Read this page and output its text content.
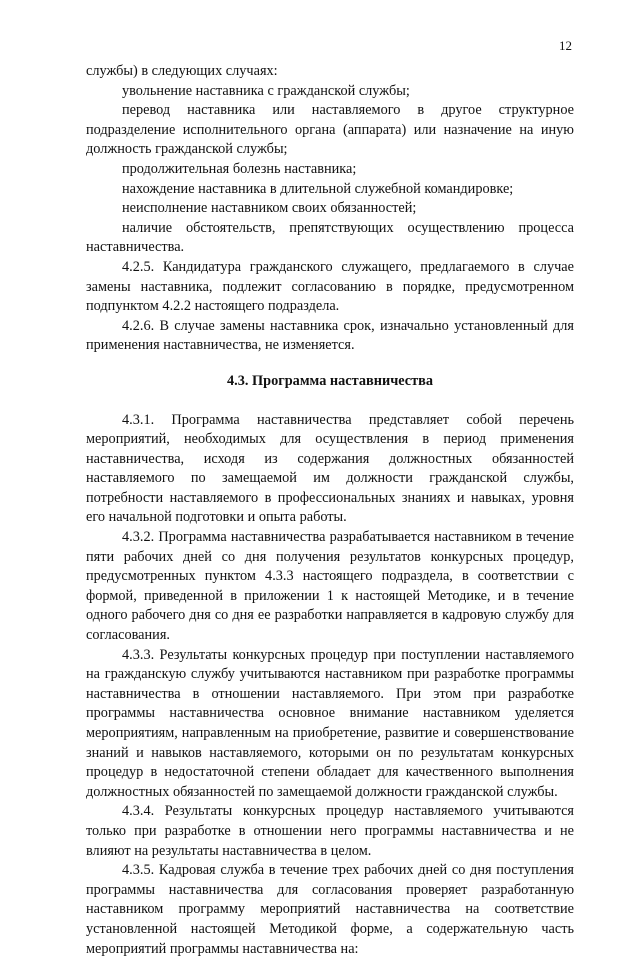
12

службы) в следующих случаях:

увольнение наставника с гражданской службы;

перевод наставника или наставляемого в другое структурное подразделение исполнительного органа (аппарата) или назначение на иную должность гражданской службы;

продолжительная болезнь наставника;

нахождение наставника в длительной служебной командировке;

неисполнение наставником своих обязанностей;

наличие обстоятельств, препятствующих осуществлению процесса наставничества.

4.2.5. Кандидатура гражданского служащего, предлагаемого в случае замены наставника, подлежит согласованию в порядке, предусмотренном подпунктом 4.2.2 настоящего подраздела.

4.2.6. В случае замены наставника срок, изначально установленный для применения наставничества, не изменяется.

4.3. Программа наставничества

4.3.1. Программа наставничества представляет собой перечень мероприятий, необходимых для осуществления в период применения наставничества, исходя из содержания должностных обязанностей наставляемого по замещаемой им должности гражданской службы, потребности наставляемого в профессиональных знаниях и навыках, уровня его начальной подготовки и опыта работы.

4.3.2. Программа наставничества разрабатывается наставником в течение пяти рабочих дней со дня получения результатов конкурсных процедур, предусмотренных пунктом 4.3.3 настоящего подраздела, в соответствии с формой, приведенной в приложении 1 к настоящей Методике, и в течение одного рабочего дня со дня ее разработки направляется в кадровую службу для согласования.

4.3.3. Результаты конкурсных процедур при поступлении наставляемого на гражданскую службу учитываются наставником при разработке программы наставничества в отношении наставляемого. При этом при разработке программы наставничества основное внимание наставником уделяется мероприятиям, направленным на приобретение, развитие и совершенствование знаний и навыков наставляемого, которыми он по результатам конкурсных процедур в недостаточной степени обладает для качественного выполнения должностных обязанностей по замещаемой должности гражданской службы.

4.3.4. Результаты конкурсных процедур наставляемого учитываются только при разработке в отношении него программы наставничества и не влияют на результаты наставничества в целом.

4.3.5. Кадровая служба в течение трех рабочих дней со дня поступления программы наставничества для согласования проверяет разработанную наставником программу мероприятий наставничества на соответствие установленной настоящей Методикой форме, а содержательную часть мероприятий программы наставничества на:
